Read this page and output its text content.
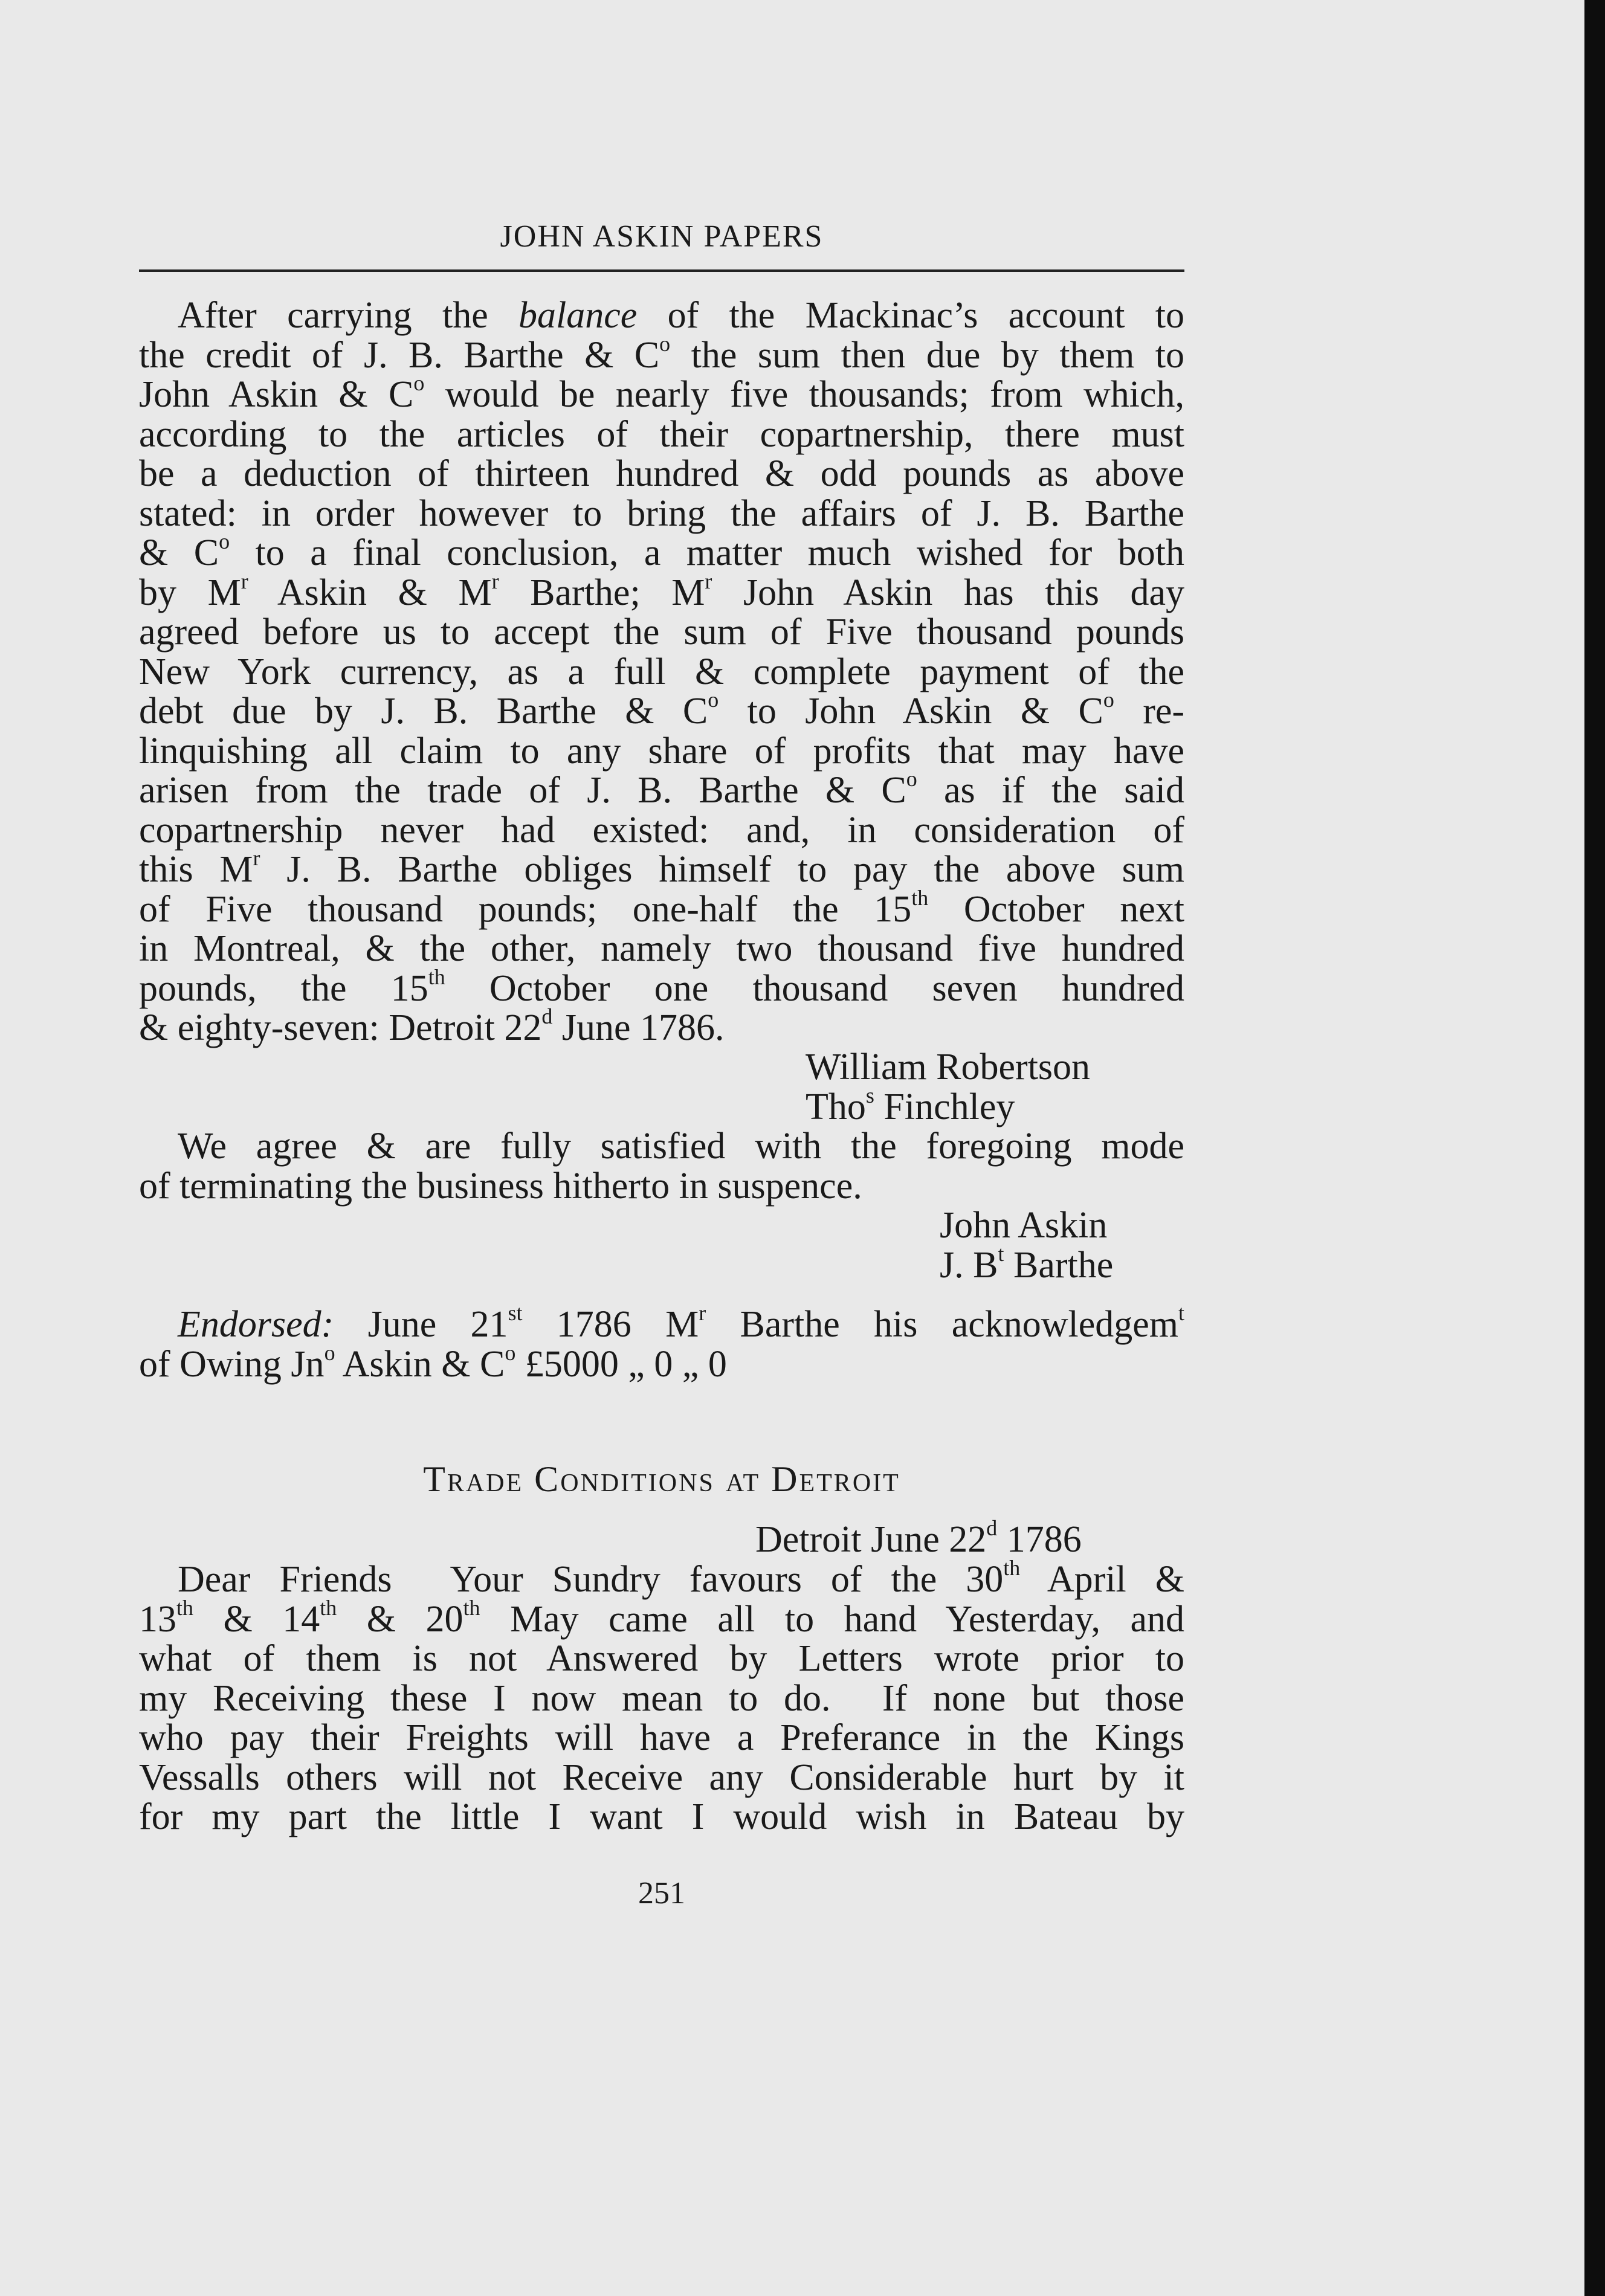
JOHN ASKIN PAPERS
After carrying the balance of the Mackinac’s account to
the credit of J. B. Barthe & $C^o$ the sum then due by them to
John Askin & $C^o$ would be nearly five thousands; from which,
according to the articles of their copartnership, there must
be a deduction of thirteen hundred & odd pounds as above
stated: in order however to bring the affairs of J. B. Barthe
& $C^o$ to a final conclusion, a matter much wished for both
by $M^r$ Askin & $M^r$ Barthe; $M^r$ John Askin has this day
agreed before us to accept the sum of Five thousand pounds
New York currency, as a full & complete payment of the
debt due by J. B. Barthe & $C^o$ to John Askin & $C^o$ re-
linquishing all claim to any share of profits that may have
arisen from the trade of J. B. Barthe & $C^o$ as if the said
copartnership never had existed: and, in consideration of
this $M^r$ J. B. Barthe obliges himself to pay the above sum
of Five thousand pounds; one-half the 15th October next
in Montreal, & the other, namely two thousand five hundred
pounds, the 15th October one thousand seven hundred
& eighty-seven: Detroit 22$^d$ June 1786.
William Robertson
Tho$^s$ Finchley
We agree & are fully satisfied with the foregoing mode
of terminating the business hitherto in suspence.
John Askin
J. $B^t$ Barthe
Endorsed: June 21st 1786 $M^r$ Barthe his acknowledgem$^t$
of Owing Jn$^o$ Askin & $C^o$ £5000 „ 0 „ 0
Trade Conditions at Detroit
Detroit June 22$^d$ 1786
Dear Friends  Your Sundry favours of the 30th April &
13th & 14th & 20th May came all to hand Yesterday, and
what of them is not Answered by Letters wrote prior to
my Receiving these I now mean to do.  If none but those
who pay their Freights will have a Preferance in the Kings
Vessalls others will not Receive any Considerable hurt by it
for my part the little I want I would wish in Bateau by
251
